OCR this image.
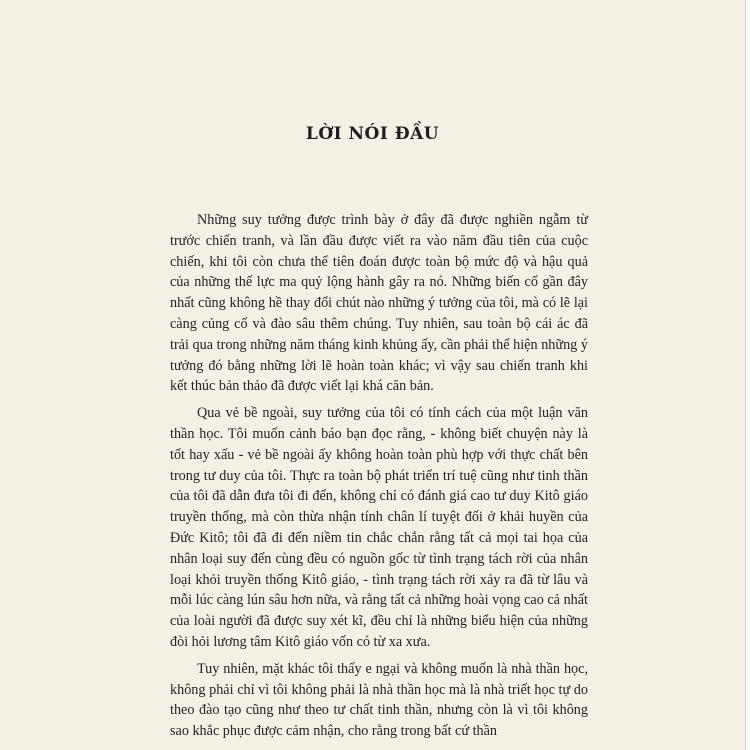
LỜI NÓI ĐẦU

Những suy tưởng được trình bày ở đây đã được nghiền ngẫm từ trước chiến tranh, và lần đầu được viết ra vào năm đầu tiên của cuộc chiến, khi tôi còn chưa thể tiên đoán được toàn bộ mức độ và hậu quả của những thế lực ma quỷ lộng hành gây ra nó. Những biến cố gần đây nhất cũng không hề thay đổi chút nào những ý tưởng của tôi, mà có lẽ lại càng củng cố và đào sâu thêm chúng. Tuy nhiên, sau toàn bộ cái ác đã trải qua trong những năm tháng kinh khủng ấy, cần phải thể hiện những ý tưởng đó bằng những lời lẽ hoàn toàn khác; vì vậy sau chiến tranh khi kết thúc bản thảo đã được viết lại khá căn bản.

Qua vẻ bề ngoài, suy tưởng của tôi có tính cách của một luận văn thần học. Tôi muốn cảnh báo bạn đọc rằng, - không biết chuyện này là tốt hay xấu - vẻ bề ngoài ấy không hoàn toàn phù hợp với thực chất bên trong tư duy của tôi. Thực ra toàn bộ phát triển trí tuệ cũng như tinh thần của tôi đã dẫn đưa tôi đi đến, không chỉ có đánh giá cao tư duy Kitô giáo truyền thống, mà còn thừa nhận tính chân lí tuyệt đối ở khải huyền của Đức Kitô; tôi đã đi đến niềm tin chắc chắn rằng tất cả mọi tai họa của nhân loại suy đến cùng đều có nguồn gốc từ tình trạng tách rời của nhân loại khỏi truyền thống Kitô giáo, - tình trạng tách rời xảy ra đã từ lâu và mỗi lúc càng lún sâu hơn nữa, và rằng tất cả những hoài vọng cao cả nhất của loài người đã được suy xét kĩ, đều chỉ là những biểu hiện của những đòi hỏi lương tâm Kitô giáo vốn có từ xa xưa.

Tuy nhiên, mặt khác tôi thấy e ngại và không muốn là nhà thần học, không phải chỉ vì tôi không phải là nhà thần học mà là nhà triết học tự do theo đào tạo cũng như theo tư chất tinh thần, nhưng còn là vì tôi không sao khắc phục được cảm nhận, cho rằng trong bất cứ thần
